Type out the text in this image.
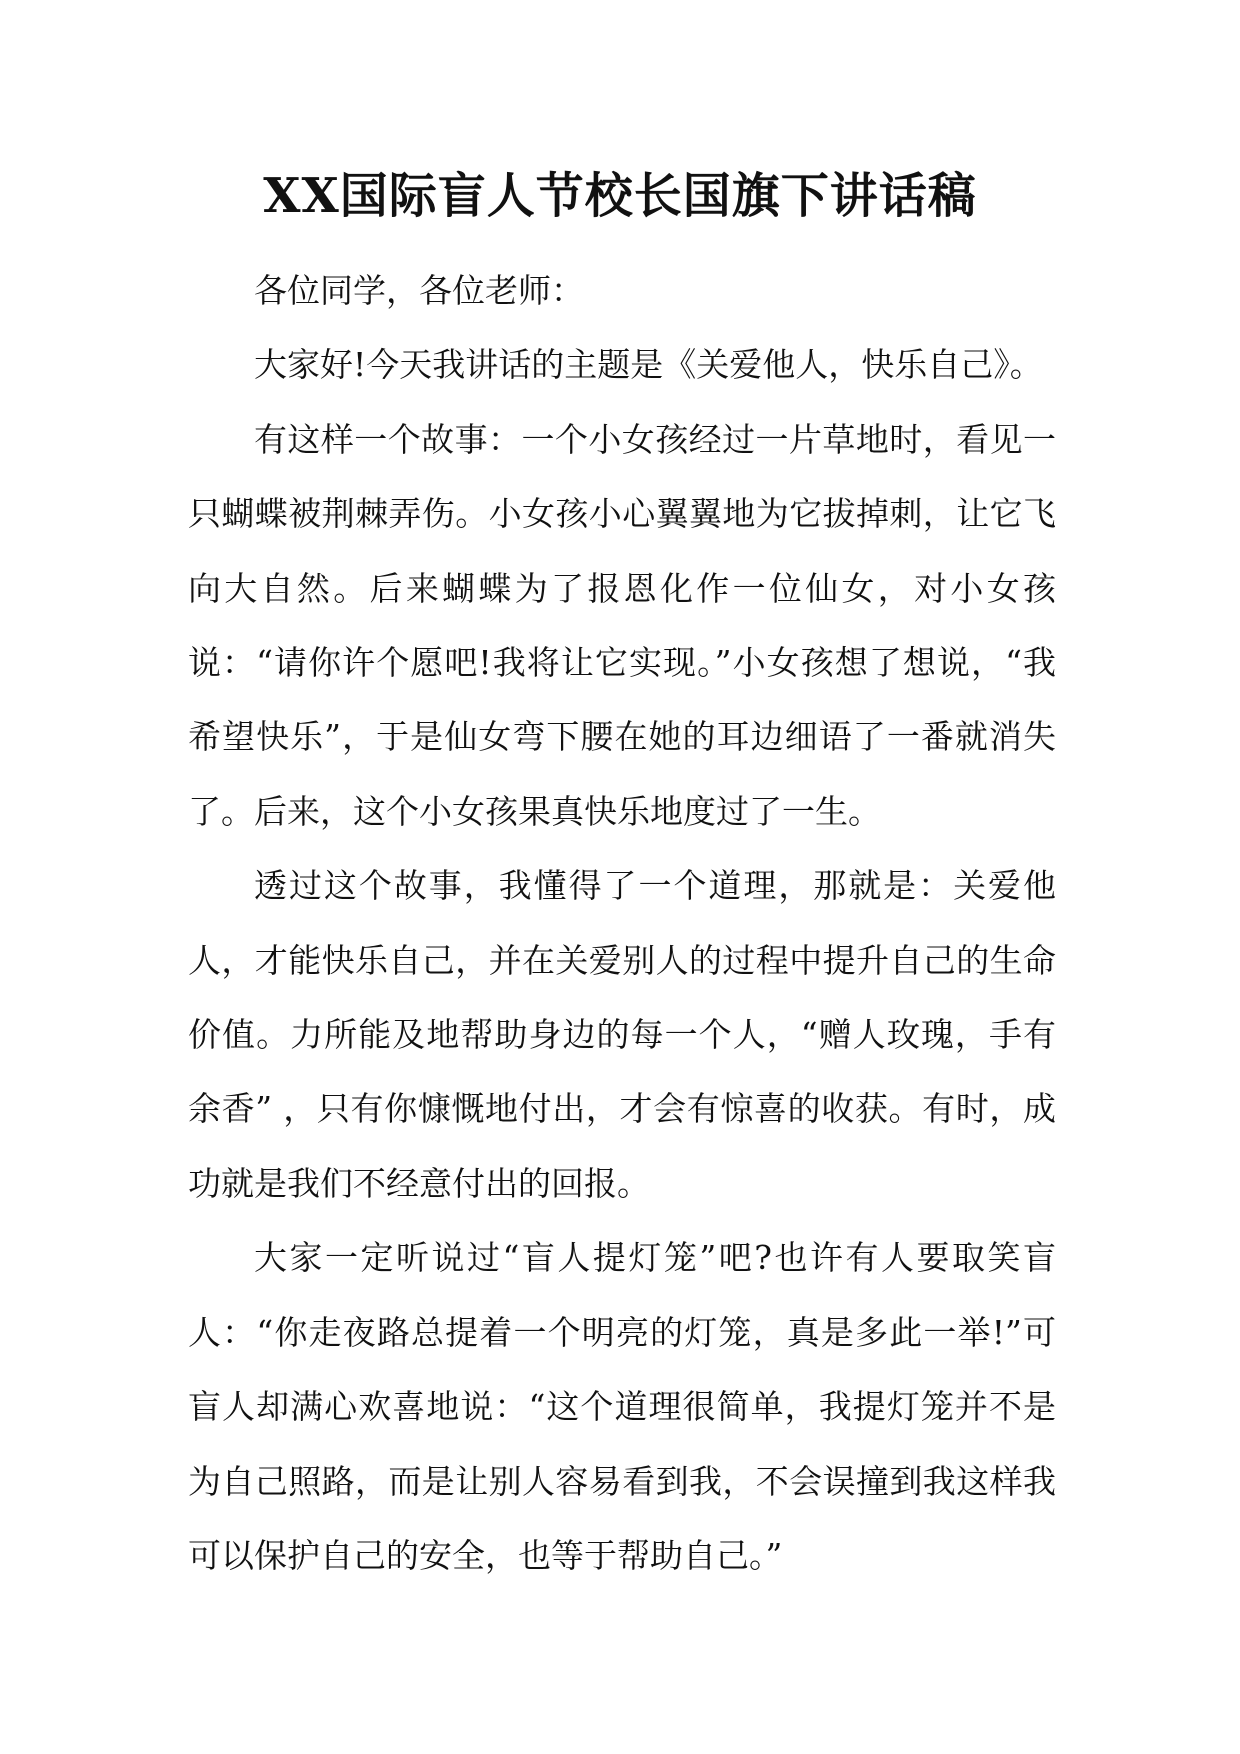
XX国际盲人节校长国旗下讲话稿

各位同学，各位老师：

大家好!今天我讲话的主题是《关爱他人，快乐自己》。

有这样一个故事：一个小女孩经过一片草地时，看见一只蝴蝶被荆棘弄伤。小女孩小心翼翼地为它拔掉刺，让它飞向大自然。后来蝴蝶为了报恩化作一位仙女，对小女孩说：“请你许个愿吧!我将让它实现。”小女孩想了想说，“我希望快乐”，于是仙女弯下腰在她的耳边细语了一番就消失了。后来，这个小女孩果真快乐地度过了一生。

透过这个故事，我懂得了一个道理，那就是：关爱他人，才能快乐自己，并在关爱别人的过程中提升自己的生命价值。力所能及地帮助身边的每一个人，“赠人玫瑰，手有余香” ，只有你慷慨地付出，才会有惊喜的收获。有时，成功就是我们不经意付出的回报。

大家一定听说过“盲人提灯笼”吧?也许有人要取笑盲人：“你走夜路总提着一个明亮的灯笼，真是多此一举!”可盲人却满心欢喜地说：“这个道理很简单，我提灯笼并不是为自己照路，而是让别人容易看到我，不会误撞到我这样我可以保护自己的安全，也等于帮助自己。”
